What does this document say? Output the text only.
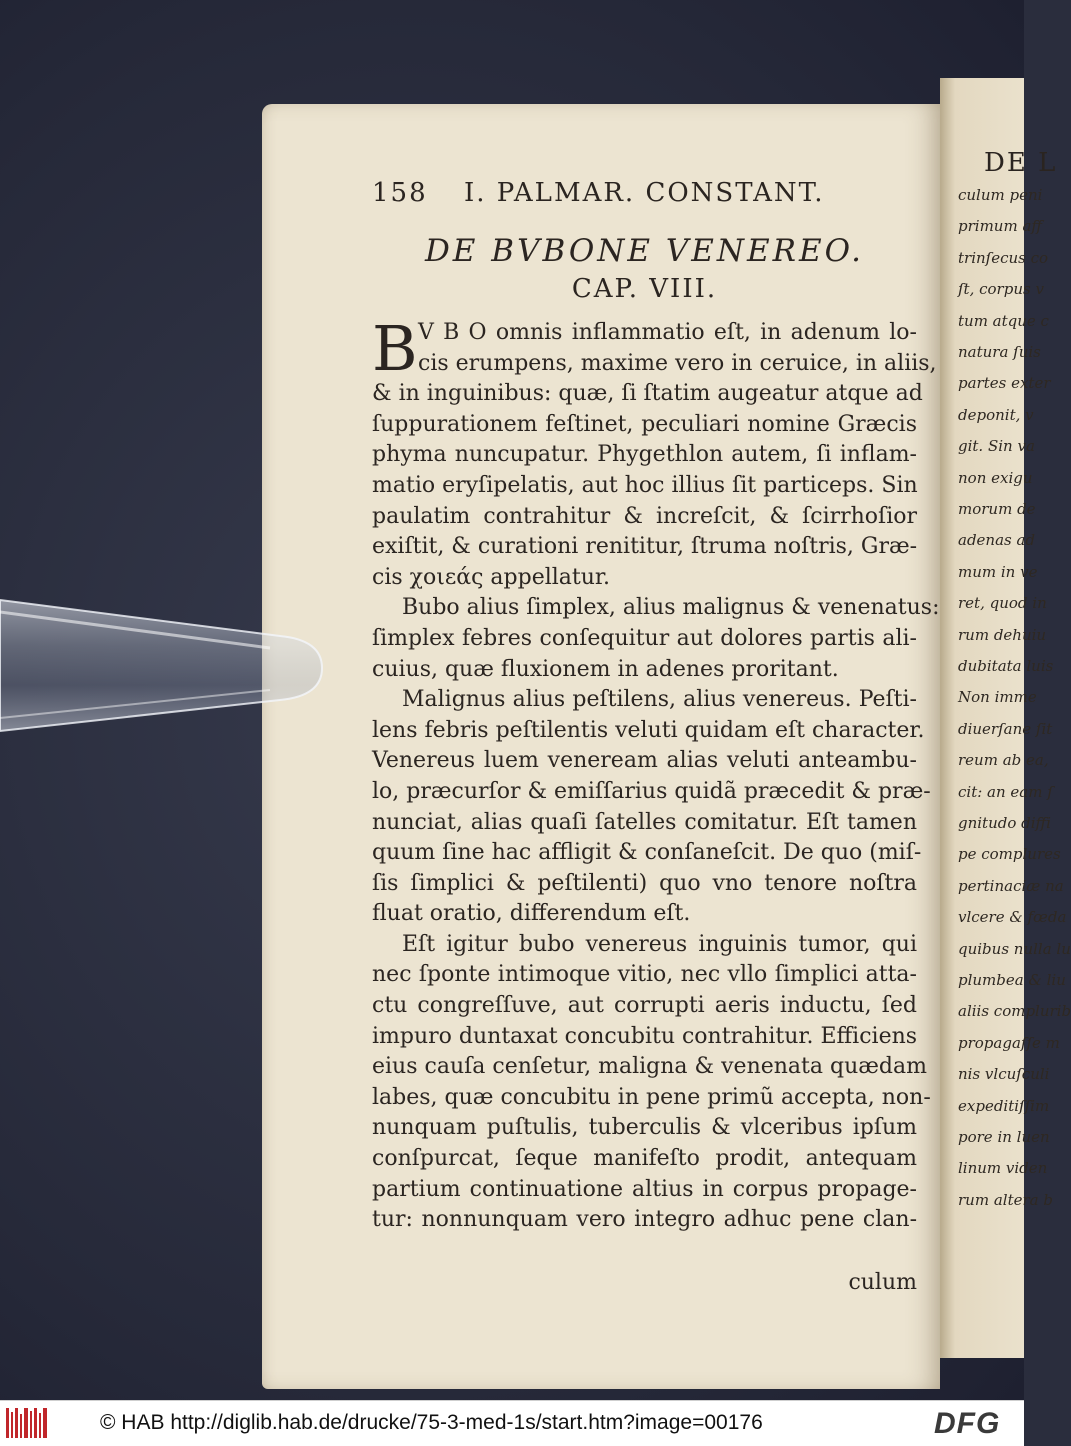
DE L
culum peni
primum aff
trinſecus co
ſt, corpus v
tum atque c
natura ſuis
partes exter
deponit, v
git. Sin va
non exigu
morum de
adenas ad
mum in ve
ret, quod in
rum dehuiu
dubitata luis
Non imme
diuerſane ſit
reum ab ea,
cit: an eam ſ
gnitudo diffi
pe complures
pertinaciæ na
vlcere & fœda
quibus nulla lu
plumbea & liu
aliis complurib
propagaſſe m
nis vlcuſculi
expeditiſſim
pore in luen
linum viden
rum altera b
158 I. PALMAR. CONSTANT.
DE BVBONE VENEREO.
CAP. VIII.
B V B O omnis inflammatio eſt, in adenum lo-
cis erumpens, maxime vero in ceruice, in aliis,
& in inguinibus: quæ, ſi ſtatim augeatur atque ad
ſuppurationem feſtinet, peculiari nomine Græcis
phyma nuncupatur. Phygethlon autem, ſi inflam-
matio eryſipelatis, aut hoc illius ſit particeps. Sin
paulatim contrahitur & increſcit, & ſcirrhoſior
exiſtit, & curationi renititur, ſtruma noſtris, Græ-
cis χοιεάς appellatur.
Bubo alius ſimplex, alius malignus & venenatus:
ſimplex febres conſequitur aut dolores partis ali-
cuius, quæ fluxionem in adenes proritant.
Malignus alius peſtilens, alius venereus. Peſti-
lens febris peſtilentis veluti quidam eſt character.
Venereus luem veneream alias veluti anteambu-
lo, præcurſor & emiſſarius quidã præcedit & præ-
nunciat, alias quaſi ſatelles comitatur. Eſt tamen
quum ſine hac affligit & conſaneſcit. De quo (miſ-
ſis ſimplici & peſtilenti) quo vno tenore noſtra
fluat oratio, differendum eſt.
Eſt igitur bubo venereus inguinis tumor, qui
nec ſponte intimoque vitio, nec vllo ſimplici atta-
ctu congreſſuve, aut corrupti aeris inductu, ſed
impuro duntaxat concubitu contrahitur. Efficiens
eius cauſa cenſetur, maligna & venenata quædam
labes, quæ concubitu in pene primũ accepta, non-
nunquam puſtulis, tuberculis & vlceribus ipſum
conſpurcat, ſeque manifeſto prodit, antequam
partium continuatione altius in corpus propage-
tur: nonnunquam vero integro adhuc pene clan-
culum
© HAB http://diglib.hab.de/drucke/75-3-med-1s/start.htm?image=00176	DFG
